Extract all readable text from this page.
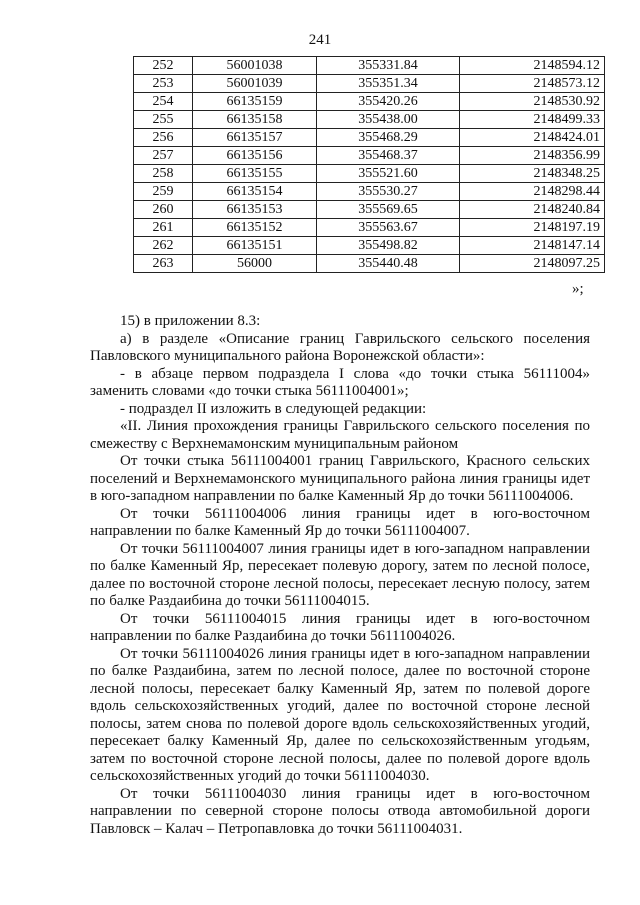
241
252	56001038	355331.84	2148594.12
253	56001039	355351.34	2148573.12
254	66135159	355420.26	2148530.92
255	66135158	355438.00	2148499.33
256	66135157	355468.29	2148424.01
257	66135156	355468.37	2148356.99
258	66135155	355521.60	2148348.25
259	66135154	355530.27	2148298.44
260	66135153	355569.65	2148240.84
261	66135152	355563.67	2148197.19
262	66135151	355498.82	2148147.14
263	56000	355440.48	2148097.25
»;

15) в приложении 8.3:

а) в разделе «Описание границ Гаврильского сельского поселения Павловского муниципального района Воронежской области»:

- в абзаце первом подраздела I слова «до точки стыка 56111004» заменить словами «до точки стыка 56111004001»;

- подраздел II изложить в следующей редакции:

«II. Линия прохождения границы Гаврильского сельского поселения по смежеству с Верхнемамонским муниципальным районом

От точки стыка 56111004001 границ Гаврильского, Красного сельских поселений и Верхнемамонского муниципального района линия границы идет в юго-западном направлении по балке Каменный Яр до точки 56111004006.

От точки 56111004006 линия границы идет в юго-восточном направлении по балке Каменный Яр до точки 56111004007.

От точки 56111004007 линия границы идет в юго-западном направлении по балке Каменный Яр, пересекает полевую дорогу, затем по лесной полосе, далее по восточной стороне лесной полосы, пересекает лесную полосу, затем по балке Раздаибина до точки 56111004015.

От точки 56111004015 линия границы идет в юго-восточном направлении по балке Раздаибина до точки 56111004026.

От точки 56111004026 линия границы идет в юго-западном направлении по балке Раздаибина, затем по лесной полосе, далее по восточной стороне лесной полосы, пересекает балку Каменный Яр, затем по полевой дороге вдоль сельскохозяйственных угодий, далее по восточной стороне лесной полосы, затем снова по полевой дороге вдоль сельскохозяйственных угодий, пересекает балку Каменный Яр, далее по сельскохозяйственным угодьям, затем по восточной стороне лесной полосы, далее по полевой дороге вдоль сельскохозяйственных угодий до точки 56111004030.

От точки 56111004030 линия границы идет в юго-восточном направлении по северной стороне полосы отвода автомобильной дороги Павловск – Калач – Петропавловка до точки 56111004031.
